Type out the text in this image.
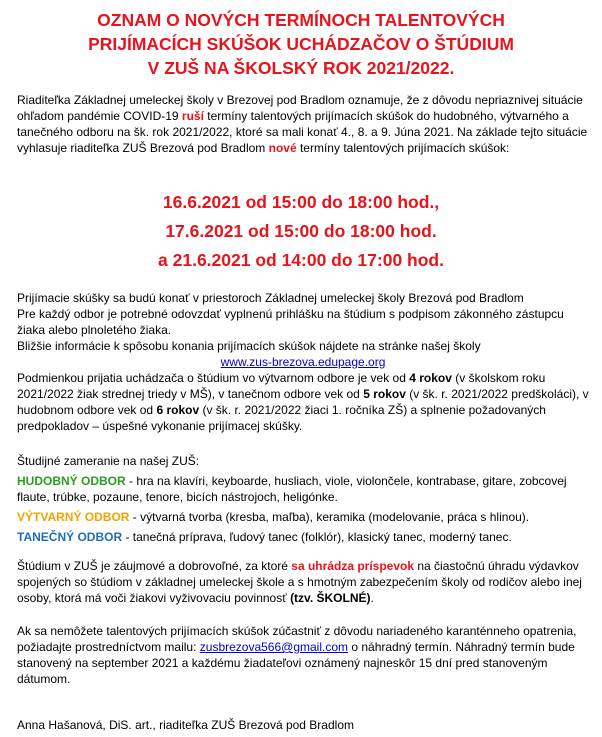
OZNAM O NOVÝCH TERMÍNOCH TALENTOVÝCH
PRIJÍMACÍCH SKÚŠOK UCHÁDZAČOV O ŠTÚDIUM
V ZUŠ NA ŠKOLSKÝ ROK 2021/2022.

Riaditeľka Základnej umeleckej školy v Brezovej pod Bradlom oznamuje, že z dôvodu nepriaznivej situácie ohľadom pandémie COVID-19 ruší termíny talentových prijímacích skúšok do hudobného, výtvarného a tanečného odboru na šk. rok 2021/2022, ktoré sa mali konať 4., 8. a 9. Júna 2021. Na základe tejto situácie vyhlasuje riaditeľka ZUŠ Brezová pod Bradlom nové termíny talentových prijímacích skúšok:

16.6.2021 od 15:00 do 18:00 hod.,
17.6.2021 od 15:00 do 18:00 hod.
a 21.6.2021 od 14:00 do 17:00 hod.

Prijímacie skúšky sa budú konať v priestoroch Základnej umeleckej školy Brezová pod Bradlom

Pre každý odbor je potrebné odovzdať vyplnenú prihlášku na štúdium s podpisom zákonného zástupcu žiaka alebo plnoletého žiaka.

Bližšie informácie k spôsobu konania prijímacích skúšok nájdete na stránke našej školy

www.zus-brezova.edupage.org

Podmienkou prijatia uchádzača o štúdium vo výtvarnom odbore je vek od 4 rokov (v školskom roku 2021/2022 žiak strednej triedy v MŠ), v tanečnom odbore vek od 5 rokov (v šk. r. 2021/2022 predškoláci), v hudobnom odbore vek od 6 rokov (v šk. r. 2021/2022 žiaci 1. ročníka ZŠ) a splnenie požadovaných predpokladov – úspešné vykonanie prijímacej skúšky.

Študijné zameranie na našej ZUŠ:

HUDOBNÝ ODBOR - hra na klavíri, keyboarde, husliach, viole, violončele, kontrabase, gitare, zobcovej flaute, trúbke, pozaune, tenore, bicích nástrojoch, heligónke.

VÝTVARNÝ ODBOR - výtvarná tvorba (kresba, maľba), keramika (modelovanie, práca s hlinou).

TANEČNÝ ODBOR - tanečná príprava, ľudový tanec (folklór), klasický tanec, moderný tanec.

Štúdium v ZUŠ je záujmové a dobrovoľné, za ktoré sa uhrádza príspevok na čiastočnú úhradu výdavkov spojených so štúdiom v základnej umeleckej škole a s hmotným zabezpečením školy od rodičov alebo inej osoby, ktorá má voči žiakovi vyživovaciu povinnosť (tzv. ŠKOLNÉ).

Ak sa nemôžete talentových prijímacích skúšok zúčastniť z dôvodu nariadeného karanténneho opatrenia, požiadajte prostredníctvom mailu: zusbrezova566@gmail.com o náhradný termín. Náhradný termín bude stanovený na september 2021 a každému žiadateľovi oznámený najneskôr 15 dní pred stanoveným dátumom.

Anna Hašanová, DiS. art., riaditeľka ZUŠ Brezová pod Bradlom
